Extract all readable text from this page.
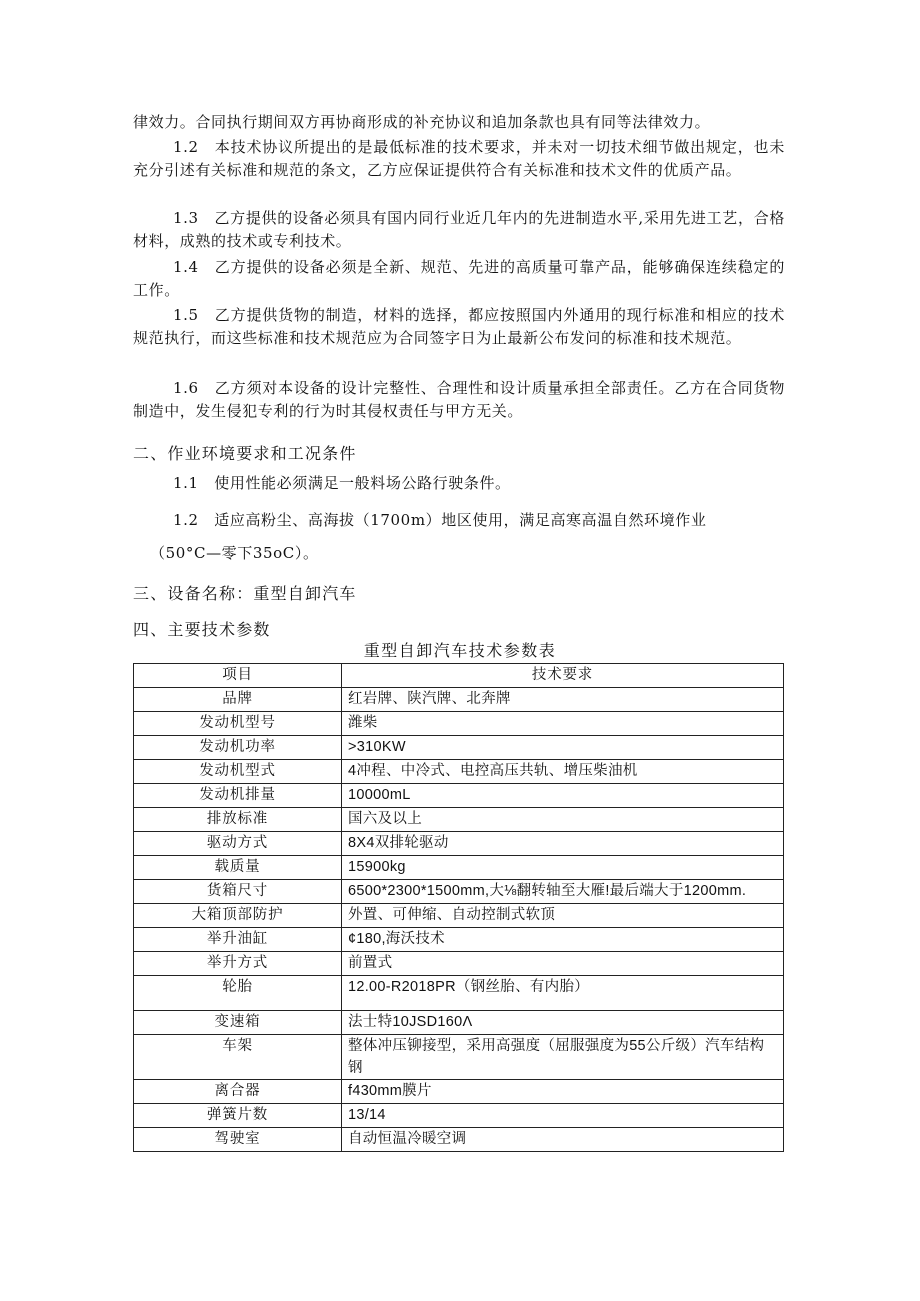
律效力。合同执行期间双方再协商形成的补充协议和追加条款也具有同等法律效力。

1.2　本技术协议所提出的是最低标准的技术要求，并未对一切技术细节做出规定，也未充分引述有关标准和规范的条文，乙方应保证提供符合有关标准和技术文件的优质产品。

1.3　乙方提供的设备必须具有国内同行业近几年内的先进制造水平,采用先进工艺，合格材料，成熟的技术或专利技术。

1.4　乙方提供的设备必须是全新、规范、先进的高质量可靠产品，能够确保连续稳定的工作。

1.5　乙方提供货物的制造，材料的选择，都应按照国内外通用的现行标准和相应的技术规范执行，而这些标准和技术规范应为合同签字日为止最新公布发问的标准和技术规范。

1.6　乙方须对本设备的设计完整性、合理性和设计质量承担全部责任。乙方在合同货物制造中，发生侵犯专利的行为时其侵权责任与甲方无关。

二、作业环境要求和工况条件

1.1　使用性能必须满足一般料场公路行驶条件。

1.2　适应高粉尘、高海拔（1700m）地区使用，满足高寒高温自然环境作业

（50°C—零下35oC）。

三、设备名称：重型自卸汽车

四、主要技术参数

重型自卸汽车技术参数表
项目	技术要求
品牌	红岩牌、陕汽牌、北奔牌
发动机型号	潍柴
发动机功率	>310KW
发动机型式	4冲程、中冷式、电控高压共轨、增压柴油机
发动机排量	10000mL
排放标准	国六及以上
驱动方式	8X4双排轮驱动
载质量	15900kg
货箱尺寸	6500*2300*1500mm,大⅛翻转轴至大雁!最后端大于1200mm.
大箱顶部防护	外置、可伸缩、自动控制式软顶
举升油缸	¢180,海沃技术
举升方式	前置式
轮胎	12.00-R2018PR（钢丝胎、有内胎）
变速箱	法士特10JSD160Λ
车架	整体冲压铆接型，采用高强度（屈服强度为55公斤级）汽车结构钢
离合器	f430mm膜片
弹簧片数	13/14
驾驶室	自动恒温冷暖空调
